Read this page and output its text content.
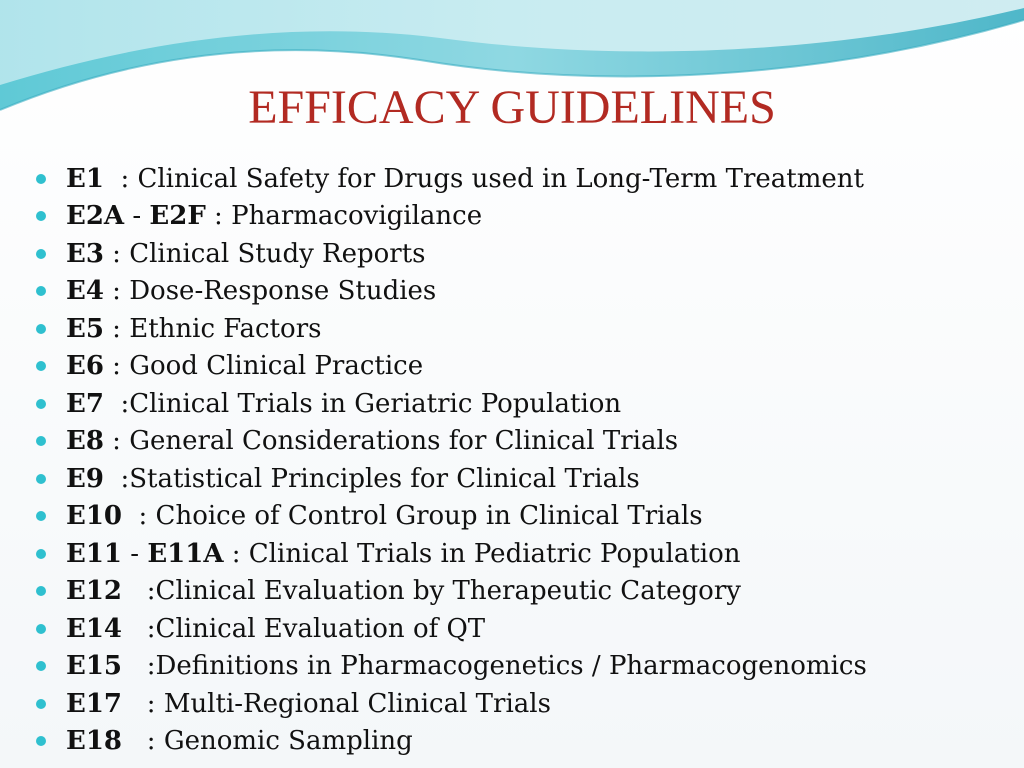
EFFICACY GUIDELINES
E1 : Clinical Safety for Drugs used in Long-Term Treatment
E2A - E2F : Pharmacovigilance
E3 : Clinical Study Reports
E4 : Dose-Response Studies
E5 : Ethnic Factors
E6 : Good Clinical Practice
E7 :Clinical Trials in Geriatric Population
E8 : General Considerations for Clinical Trials
E9 :Statistical Principles for Clinical Trials
E10 : Choice of Control Group in Clinical Trials
E11 - E11A : Clinical Trials in Pediatric Population
E12 :Clinical Evaluation by Therapeutic Category
E14 :Clinical Evaluation of QT
E15 :Definitions in Pharmacogenetics / Pharmacogenomics
E17 : Multi-Regional Clinical Trials
E18 : Genomic Sampling
